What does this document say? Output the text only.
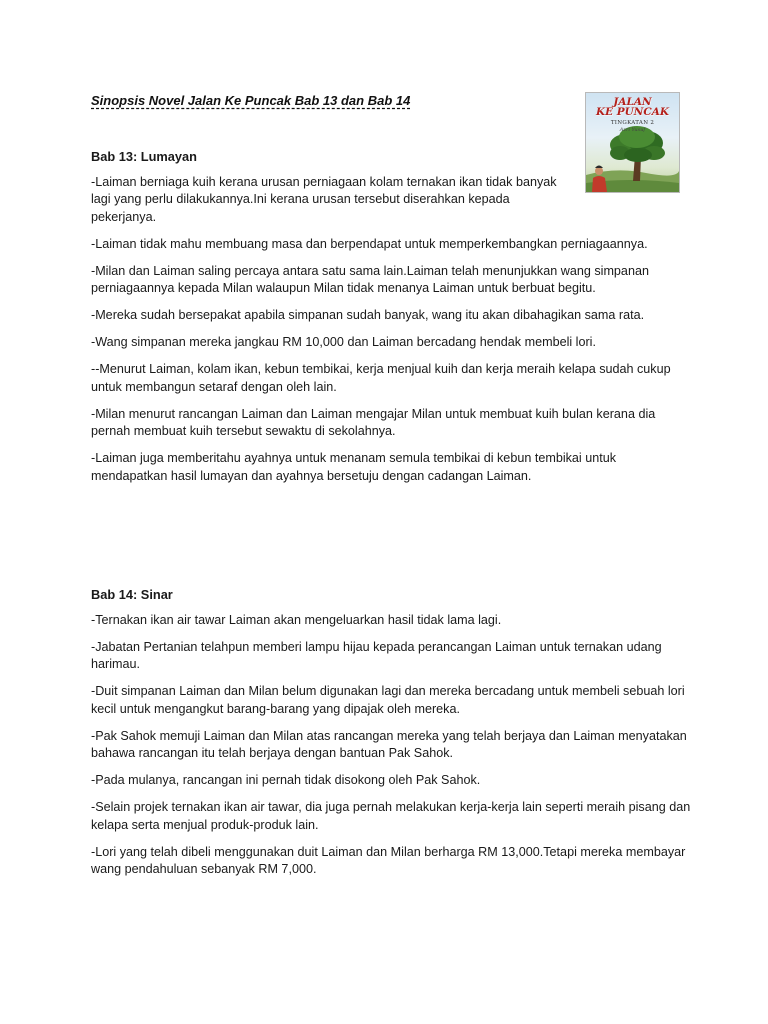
Sinopsis Novel Jalan Ke Puncak Bab 13 dan Bab 14	JALAN
KE PUNCAK
TINGKATAN 2
Azri Yusuf
Bab 13: Lumayan

-Laiman berniaga kuih kerana urusan perniagaan kolam ternakan ikan tidak banyak lagi yang perlu dilakukannya.Ini kerana urusan tersebut diserahkan kepada pekerjanya.

-Laiman tidak mahu membuang masa dan berpendapat untuk memperkembangkan perniagaannya.

-Milan dan Laiman saling percaya antara satu sama lain.Laiman telah menunjukkan wang simpanan perniagaannya kepada Milan walaupun Milan tidak menanya Laiman untuk berbuat begitu.

-Mereka sudah bersepakat apabila simpanan sudah banyak, wang itu akan dibahagikan sama rata.

-Wang simpanan mereka jangkau RM 10,000 dan Laiman bercadang hendak membeli lori.

--Menurut Laiman, kolam ikan, kebun tembikai, kerja menjual kuih dan kerja meraih kelapa sudah cukup untuk membangun setaraf dengan oleh lain.

-Milan menurut rancangan Laiman dan Laiman mengajar Milan untuk membuat kuih bulan kerana dia pernah membuat kuih tersebut sewaktu di sekolahnya.

-Laiman juga memberitahu ayahnya untuk menanam semula tembikai di kebun tembikai untuk mendapatkan hasil lumayan dan ayahnya bersetuju dengan cadangan Laiman.

Bab 14: Sinar

-Ternakan ikan air tawar Laiman akan mengeluarkan hasil tidak lama lagi.

-Jabatan Pertanian telahpun memberi lampu hijau kepada perancangan Laiman untuk ternakan udang harimau.

-Duit simpanan Laiman dan Milan belum digunakan lagi dan mereka bercadang untuk membeli sebuah lori kecil untuk mengangkut barang-barang yang dipajak oleh mereka.

-Pak Sahok memuji Laiman dan Milan atas rancangan mereka yang telah berjaya dan Laiman menyatakan bahawa rancangan itu telah berjaya dengan bantuan Pak Sahok.

-Pada mulanya, rancangan ini pernah tidak disokong oleh Pak Sahok.

-Selain projek ternakan ikan air tawar, dia juga pernah melakukan kerja-kerja lain seperti meraih pisang dan kelapa serta menjual produk-produk lain.

-Lori yang telah dibeli menggunakan duit Laiman dan Milan berharga RM 13,000.Tetapi mereka membayar wang pendahuluan sebanyak RM 7,000.
